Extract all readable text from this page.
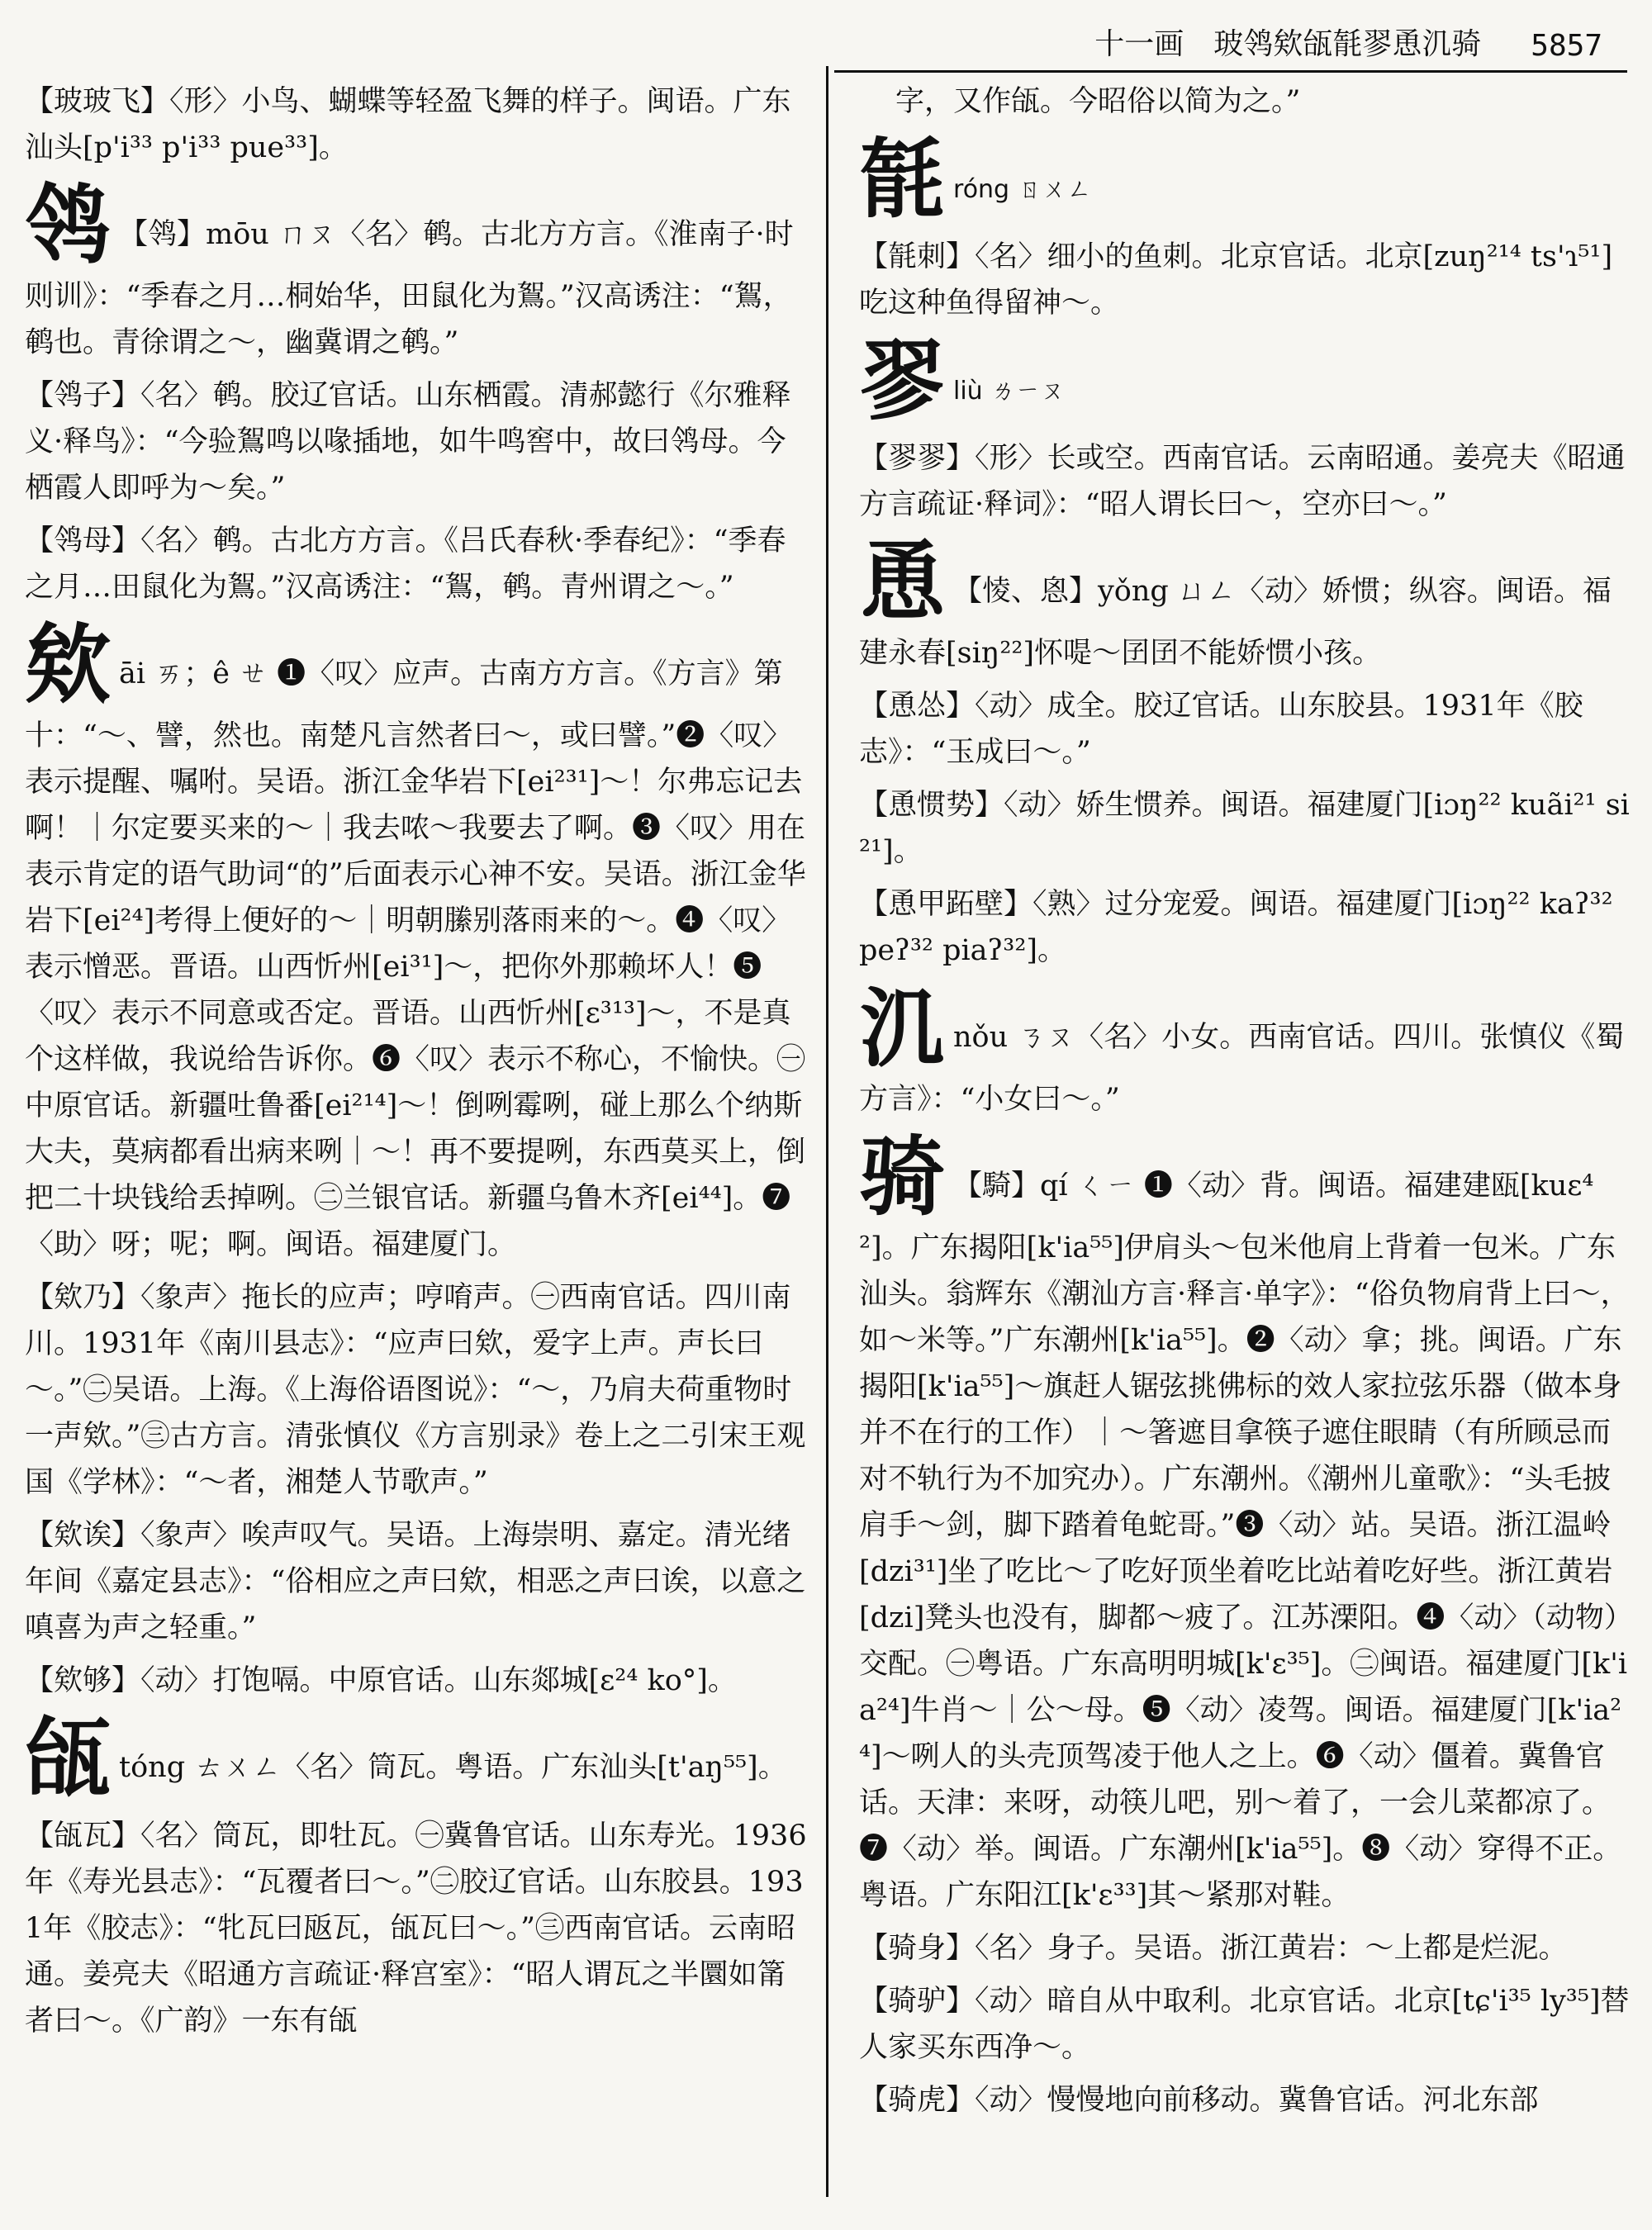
十一画　玻鸰欸瓵毻翏恿㲹骑 5857
【玻玻飞】〈形〉小鸟、蝴蝶等轻盈飞舞的样子。闽语。广东汕头[p'i³³ p'i³³ pue³³]。
鸰 【鸰】mōu ㄇㄡ〈名〉鹌。古北方方言。《淮南子·时则训》：“季春之月…桐始华，田鼠化为鴽。”汉高诱注：“鴽，鹌也。青徐谓之～，幽冀谓之鹌。”
【鸰子】〈名〉鹌。胶辽官话。山东栖霞。清郝懿行《尔雅释义·释鸟》：“今验鴽鸣以喙插地，如牛鸣窖中，故曰鸰母。今栖霞人即呼为～矣。”
【鸰母】〈名〉鹌。古北方方言。《吕氏春秋·季春纪》：“季春之月…田鼠化为鴽。”汉高诱注：“鴽，鹌。青州谓之～。”
欸āi ㄞ；ê ㄝ ❶〈叹〉应声。古南方方言。《方言》第十：“～、譬，然也。南楚凡言然者曰～，或曰譬。”❷〈叹〉表示提醒、嘱咐。吴语。浙江金华岩下[ei²³¹]～！尔弗忘记去啊！｜尔定要买来的～｜我去哝～我要去了啊。❸〈叹〉用在表示肯定的语气助词“的”后面表示心神不安。吴语。浙江金华岩下[ei²⁴]考得上便好的～｜明朝縢别落雨来的～。❹〈叹〉表示憎恶。晋语。山西忻州[ei³¹]～，把你外那赖坏人！❺〈叹〉表示不同意或否定。晋语。山西忻州[ɛ³¹³]～，不是真个这样做，我说给告诉你。❻〈叹〉表示不称心，不愉快。㊀中原官话。新疆吐鲁番[ei²¹⁴]～！倒咧霉咧，碰上那么个纳斯大夫，莫病都看出病来咧｜～！再不要提咧，东西莫买上，倒把二十块钱给丢掉咧。㊁兰银官话。新疆乌鲁木齐[ei⁴⁴]。❼〈助〉呀；呢；啊。闽语。福建厦门。
【欸乃】〈象声〉拖长的应声；哼唷声。㊀西南官话。四川南川。1931年《南川县志》：“应声曰欸，爱字上声。声长曰～。”㊁吴语。上海。《上海俗语图说》：“～，乃肩夫荷重物时一声欸。”㊂古方言。清张慎仪《方言别录》卷上之二引宋王观国《学林》：“～者，湘楚人节歌声。”
【欸诶】〈象声〉唉声叹气。吴语。上海崇明、嘉定。清光绪年间《嘉定县志》：“俗相应之声曰欸，相恶之声曰诶，以意之嗔喜为声之轻重。”
【欸够】〈动〉打饱嗝。中原官话。山东郯城[ɛ²⁴ ko°]。
瓵tóng ㄊㄨㄥ〈名〉筒瓦。粤语。广东汕头[t'aŋ⁵⁵]。
【瓵瓦】〈名〉筒瓦，即牡瓦。㊀冀鲁官话。山东寿光。1936年《寿光县志》：“瓦覆者曰～。”㊁胶辽官话。山东胶县。1931年《胶志》：“牝瓦曰瓪瓦，瓵瓦曰～。”㊂西南官话。云南昭通。姜亮夫《昭通方言疏证·释宫室》：“昭人谓瓦之半圜如筩者曰～。《广韵》一东有瓵
字，又作瓵。今昭俗以简为之。”
毻róng ㄖㄨㄥ
【毻刺】〈名〉细小的鱼刺。北京官话。北京[zuŋ²¹⁴ ts'ɿ⁵¹]吃这种鱼得留神～。
翏liù ㄌㄧㄡ
【翏翏】〈形〉长或空。西南官话。云南昭通。姜亮夫《昭通方言疏证·释词》：“昭人谓长曰～，空亦曰～。”
恿 【㥄、恖】yǒng ㄩㄥ〈动〉娇惯；纵容。闽语。福建永春[siŋ²²]怀㖷～囝囝不能娇惯小孩。
【恿怂】〈动〉成全。胶辽官话。山东胶县。1931年《胶志》：“玉成曰～。”
【恿惯势】〈动〉娇生惯养。闽语。福建厦门[iɔŋ²² kuãi²¹ si²¹]。
【恿甲跖壁】〈熟〉过分宠爱。闽语。福建厦门[iɔŋ²² kaʔ³² peʔ³² piaʔ³²]。
㲹nǒu ㄋㄡ〈名〉小女。西南官话。四川。张慎仪《蜀方言》：“小女曰～。”
骑 【騎】qí ㄑㄧ ❶〈动〉背。闽语。福建建瓯[kuɛ⁴²]。广东揭阳[k'ia⁵⁵]伊肩头～包米他肩上背着一包米。广东汕头。翁辉东《潮汕方言·释言·单字》：“俗负物肩背上曰～，如～米等。”广东潮州[k'ia⁵⁵]。❷〈动〉拿；挑。闽语。广东揭阳[k'ia⁵⁵]～旗赶人锯弦挑佛标的效人家拉弦乐器（做本身并不在行的工作）｜～箸遮目拿筷子遮住眼睛（有所顾忌而对不轨行为不加究办）。广东潮州。《潮州儿童歌》：“头毛披肩手～剑，脚下踏着龟蛇哥。”❸〈动〉站。吴语。浙江温岭[dzi³¹]坐了吃比～了吃好顶坐着吃比站着吃好些。浙江黄岩[dzi]凳头也没有，脚都～疲了。江苏溧阳。❹〈动〉（动物）交配。㊀粤语。广东高明明城[k'ɛ³⁵]。㊁闽语。福建厦门[k'ia²⁴]牛肖～｜公～母。❺〈动〉凌驾。闽语。福建厦门[k'ia²⁴]～咧人的头壳顶驾凌于他人之上。❻〈动〉僵着。冀鲁官话。天津：来呀，动筷儿吧，别～着了，一会儿菜都凉了。❼〈动〉举。闽语。广东潮州[k'ia⁵⁵]。❽〈动〉穿得不正。粤语。广东阳江[k'ɛ³³]其～紧那对鞋。
【骑身】〈名〉身子。吴语。浙江黄岩：～上都是烂泥。
【骑驴】〈动〉暗自从中取利。北京官话。北京[tɕ'i³⁵ ly³⁵]替人家买东西净～。
【骑虎】〈动〉慢慢地向前移动。冀鲁官话。河北东部
